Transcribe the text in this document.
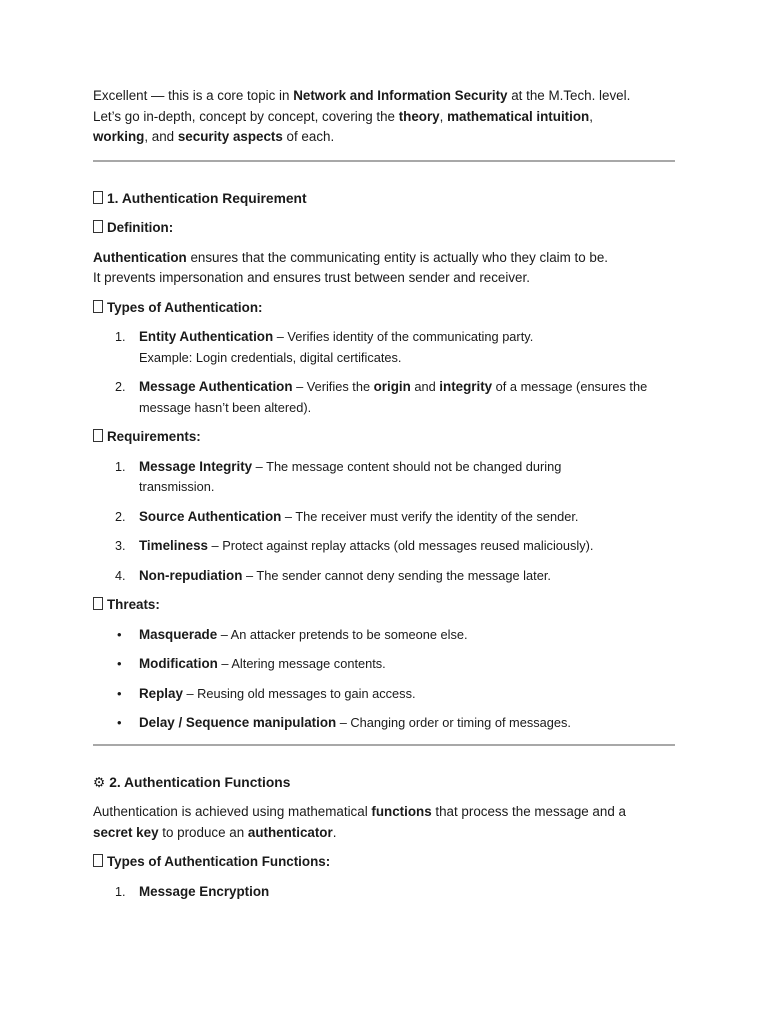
Excellent — this is a core topic in Network and Information Security at the M.Tech. level.
Let’s go in-depth, concept by concept, covering the theory, mathematical intuition,
working, and security aspects of each.

1. Authentication Requirement

Definition:

Authentication ensures that the communicating entity is actually who they claim to be.
It prevents impersonation and ensures trust between sender and receiver.

Types of Authentication:

1.	Entity Authentication – Verifies identity of the communicating party.
Example: Login credentials, digital certificates.
2.	Message Authentication – Verifies the origin and integrity of a message (ensures the
message hasn’t been altered).

Requirements:

1.	Message Integrity – The message content should not be changed during
transmission.
2.	Source Authentication – The receiver must verify the identity of the sender.
3.	Timeliness – Protect against replay attacks (old messages reused maliciously).
4.	Non-repudiation – The sender cannot deny sending the message later.

Threats:

• Masquerade – An attacker pretends to be someone else.
• Modification – Altering message contents.
• Replay – Reusing old messages to gain access.
• Delay / Sequence manipulation – Changing order or timing of messages.

⚙ 2. Authentication Functions

Authentication is achieved using mathematical functions that process the message and a
secret key to produce an authenticator.

Types of Authentication Functions:

1.	Message Encryption
